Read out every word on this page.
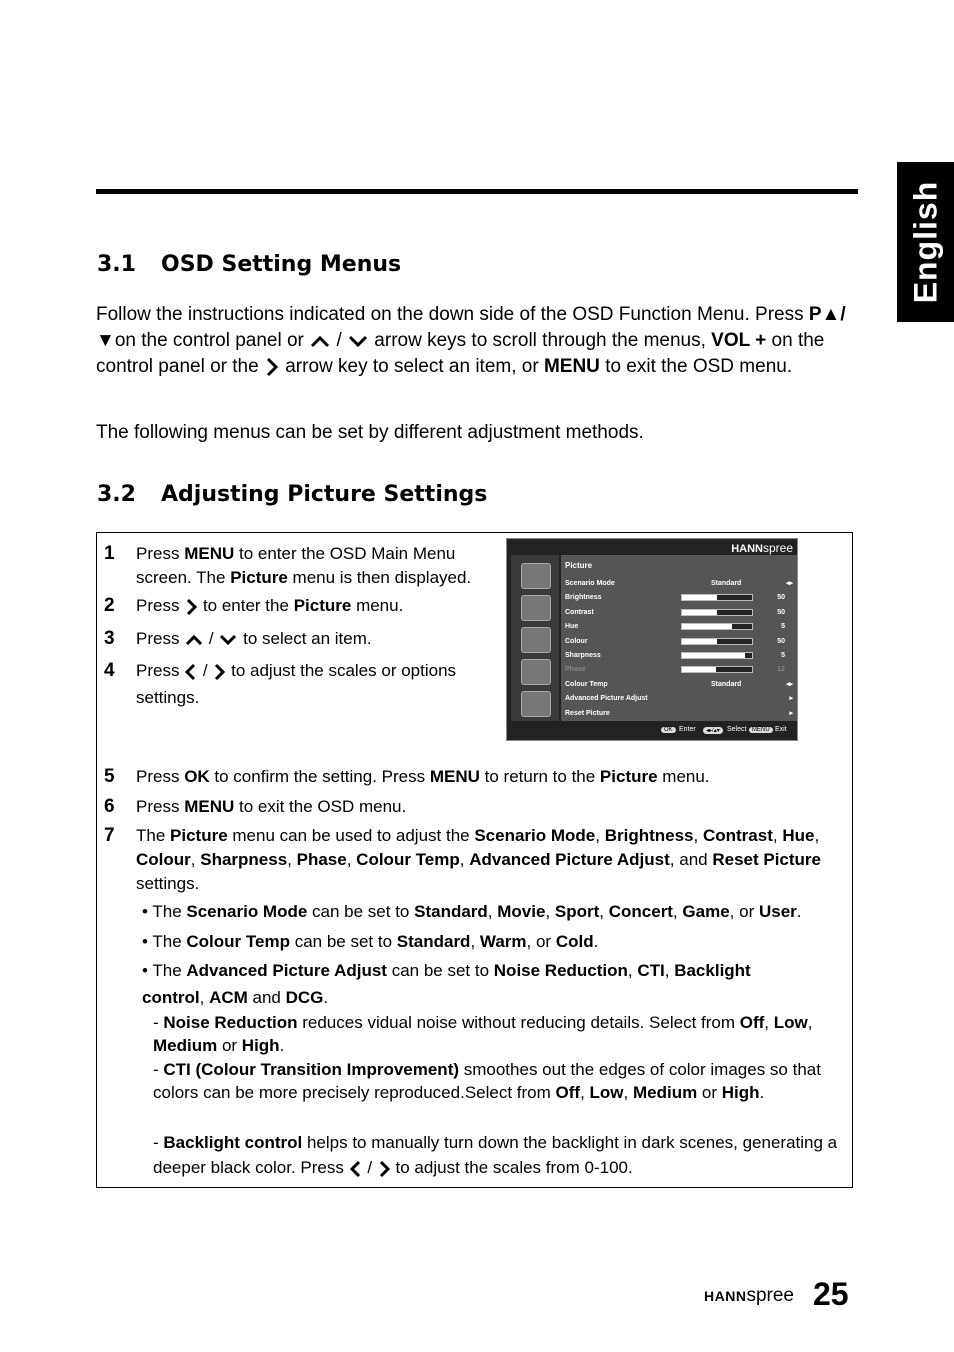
English
3.1 OSD Setting Menus
Follow the instructions indicated on the down side of the OSD Function Menu. Press P▲/▼on the control panel or  /  arrow keys to scroll through the menus, VOL + on the control panel or the arrow key to select an item, or MENU to exit the OSD menu.
The following menus can be set by different adjustment methods.
3.2 Adjusting Picture Settings
1 Press MENU to enter the OSD Main Menu screen. The Picture menu is then displayed.
2 Press to enter the Picture menu.
3 Press  /  to select an item.
4 Press  /  to adjust the scales or options settings.
HANNspree
Picture
Scenario Mode	Standard	◂▸
Brightness	50
Contrast	50
Hue	5
Colour	50
Sharpness	5
Phase	12
Colour Temp	Standard	◂▸
Advanced Picture Adjust	▸
Reset Picture	▸
OK Enter	◂▸/▴▾	Select MENU Exit
5 Press OK to confirm the setting. Press MENU to return to the Picture menu.
6 Press MENU to exit the OSD menu.
7 The Picture menu can be used to adjust the Scenario Mode, Brightness, Contrast, Hue, Colour, Sharpness, Phase, Colour Temp, Advanced Picture Adjust, and Reset Picture settings.
• The Scenario Mode can be set to Standard, Movie, Sport, Concert, Game, or User.
• The Colour Temp can be set to Standard, Warm, or Cold.
• The Advanced Picture Adjust can be set to Noise Reduction, CTI, Backlight control, ACM and DCG.
- Noise Reduction reduces vidual noise without reducing details. Select from Off, Low, Medium or High.
- CTI (Colour Transition Improvement) smoothes out the edges of color images so that colors can be more precisely reproduced.Select from Off, Low, Medium or High.
- Backlight control helps to manually turn down the backlight in dark scenes, generating a deeper black color. Press  /  to adjust the scales from 0-100.
HANNspree 25
